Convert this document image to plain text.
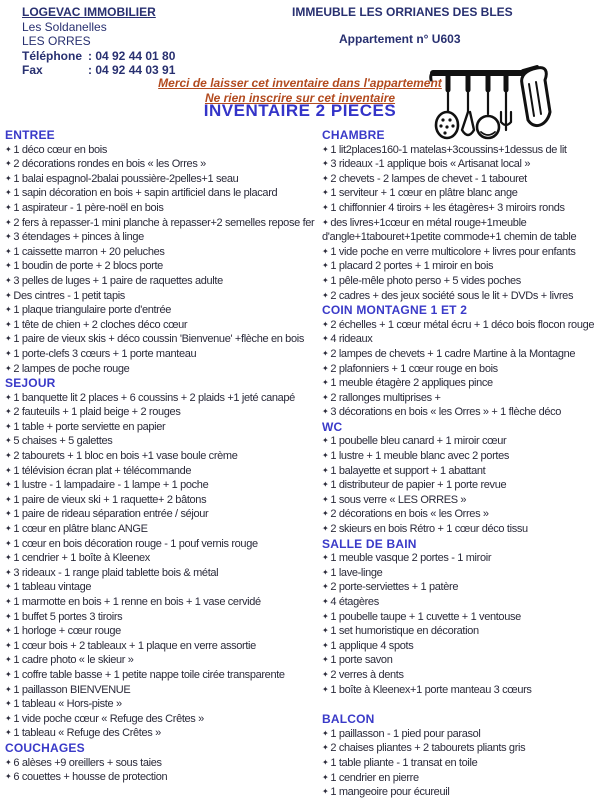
LOGEVAC IMMOBILIER
Les Soldanelles
LES ORRES
Téléphone : 04 92 44 01 80
Fax	: 04 92 44 03 91
IMMEUBLE LES ORRIANES DES BLES
Appartement n° U603
Merci de laisser cet inventaire dans l'appartement
Ne rien inscrire sur cet inventaire
INVENTAIRE 2 PIECES
ENTREE
✦ 1 déco cœur en bois
✦ 2 décorations rondes en bois « les Orres »
✦ 1 balai espagnol-2balai poussière-2pelles+1 seau
✦ 1 sapin décoration en bois + sapin artificiel dans le placard
✦ 1 aspirateur - 1 père-noël en bois
✦ 2 fers à repasser-1 mini planche à repasser+2 semelles repose fer
✦ 3 étendages + pinces à linge
✦ 1 caissette marron + 20 peluches
✦ 1 boudin de porte + 2 blocs porte
✦ 3 pelles de luges + 1 paire de raquettes adulte
✦ Des cintres - 1 petit tapis
✦ 1 plaque triangulaire porte d'entrée
✦ 1 tête de chien + 2 cloches déco cœur
✦ 1 paire de vieux skis + déco coussin 'Bienvenue' +flèche en bois
✦ 1 porte-clefs 3 cœurs + 1 porte manteau
✦ 2 lampes de poche rouge
SEJOUR
✦ 1 banquette lit 2 places + 6 coussins + 2 plaids +1 jeté canapé
✦ 2 fauteuils + 1 plaid beige + 2 rouges
✦ 1 table + porte serviette en papier
✦ 5 chaises + 5 galettes
✦ 2 tabourets + 1 bloc en bois +1 vase boule crème
✦ 1 télévision écran plat + télécommande
✦ 1 lustre - 1 lampadaire - 1 lampe + 1 poche
✦ 1 paire de vieux ski + 1 raquette+ 2 bâtons
✦ 1 paire de rideau séparation entrée / séjour
✦ 1 cœur en plâtre blanc ANGE
✦ 1 cœur en bois décoration rouge - 1 pouf vernis rouge
✦ 1 cendrier + 1 boîte à Kleenex
✦ 3 rideaux - 1 range plaid tablette bois & métal
✦ 1 tableau vintage
✦ 1 marmotte en bois + 1 renne en bois + 1 vase cervidé
✦ 1 buffet 5 portes 3 tiroirs
✦ 1 horloge + cœur rouge
✦ 1 cœur bois + 2 tableaux + 1 plaque en verre assortie
✦ 1 cadre photo « le skieur »
✦ 1 coffre table basse + 1 petite nappe toile cirée transparente
✦ 1 paillasson BIENVENUE
✦ 1 tableau « Hors-piste »
✦ 1 vide poche cœur « Refuge des Crêtes »
✦ 1 tableau « Refuge des Crêtes »
COUCHAGES
✦ 6 alèses +9 oreillers + sous taies
✦ 6 couettes + housse de protection
CHAMBRE
✦ 1 lit2places160-1 matelas+3coussins+1dessus de lit
✦ 3 rideaux -1 applique bois « Artisanat local »
✦ 2 chevets - 2 lampes de chevet - 1 tabouret
✦ 1 serviteur + 1 cœur en plâtre blanc ange
✦ 1 chiffonnier 4 tiroirs + les étagères+ 3 miroirs ronds
✦ des livres+1cœur en métal rouge+1meuble d'angle+1tabouret+1petite commode+1 chemin de table
✦ 1 vide poche en verre multicolore + livres pour enfants
✦ 1 placard 2 portes + 1 miroir en bois
✦ 1 pêle-mêle photo perso + 5 vides poches
✦ 2 cadres + des jeux société sous le lit + DVDs + livres
COIN MONTAGNE 1 ET 2
✦ 2 échelles + 1 cœur métal écru + 1 déco bois flocon rouge
✦ 4 rideaux
✦ 2 lampes de chevets + 1 cadre Martine à la Montagne
✦ 2 plafonniers + 1 cœur rouge en bois
✦ 1 meuble étagère 2 appliques pince
✦ 2 rallonges multiprises +
✦ 3 décorations en bois « les Orres » + 1 flèche déco
WC
✦ 1 poubelle bleu canard + 1 miroir cœur
✦ 1 lustre + 1 meuble blanc avec 2 portes
✦ 1 balayette et support + 1 abattant
✦ 1 distributeur de papier + 1 porte revue
✦ 1 sous verre « LES ORRES »
✦ 2 décorations en bois « les Orres »
✦ 2 skieurs en bois Rétro + 1 cœur déco tissu
SALLE DE BAIN
✦ 1 meuble vasque 2 portes - 1 miroir
✦ 1 lave-linge
✦ 2 porte-serviettes + 1 patère
✦ 4 étagères
✦ 1 poubelle taupe + 1 cuvette + 1 ventouse
✦ 1 set humoristique en décoration
✦ 1 applique 4 spots
✦ 1 porte savon
✦ 2 verres à dents
✦ 1 boîte à Kleenex+1 porte manteau 3 cœurs
BALCON
✦ 1 paillasson - 1 pied pour parasol
✦ 2 chaises pliantes + 2 tabourets pliants gris
✦ 1 table pliante - 1 transat en toile
✦ 1 cendrier en pierre
✦ 1 mangeoire pour écureuil
